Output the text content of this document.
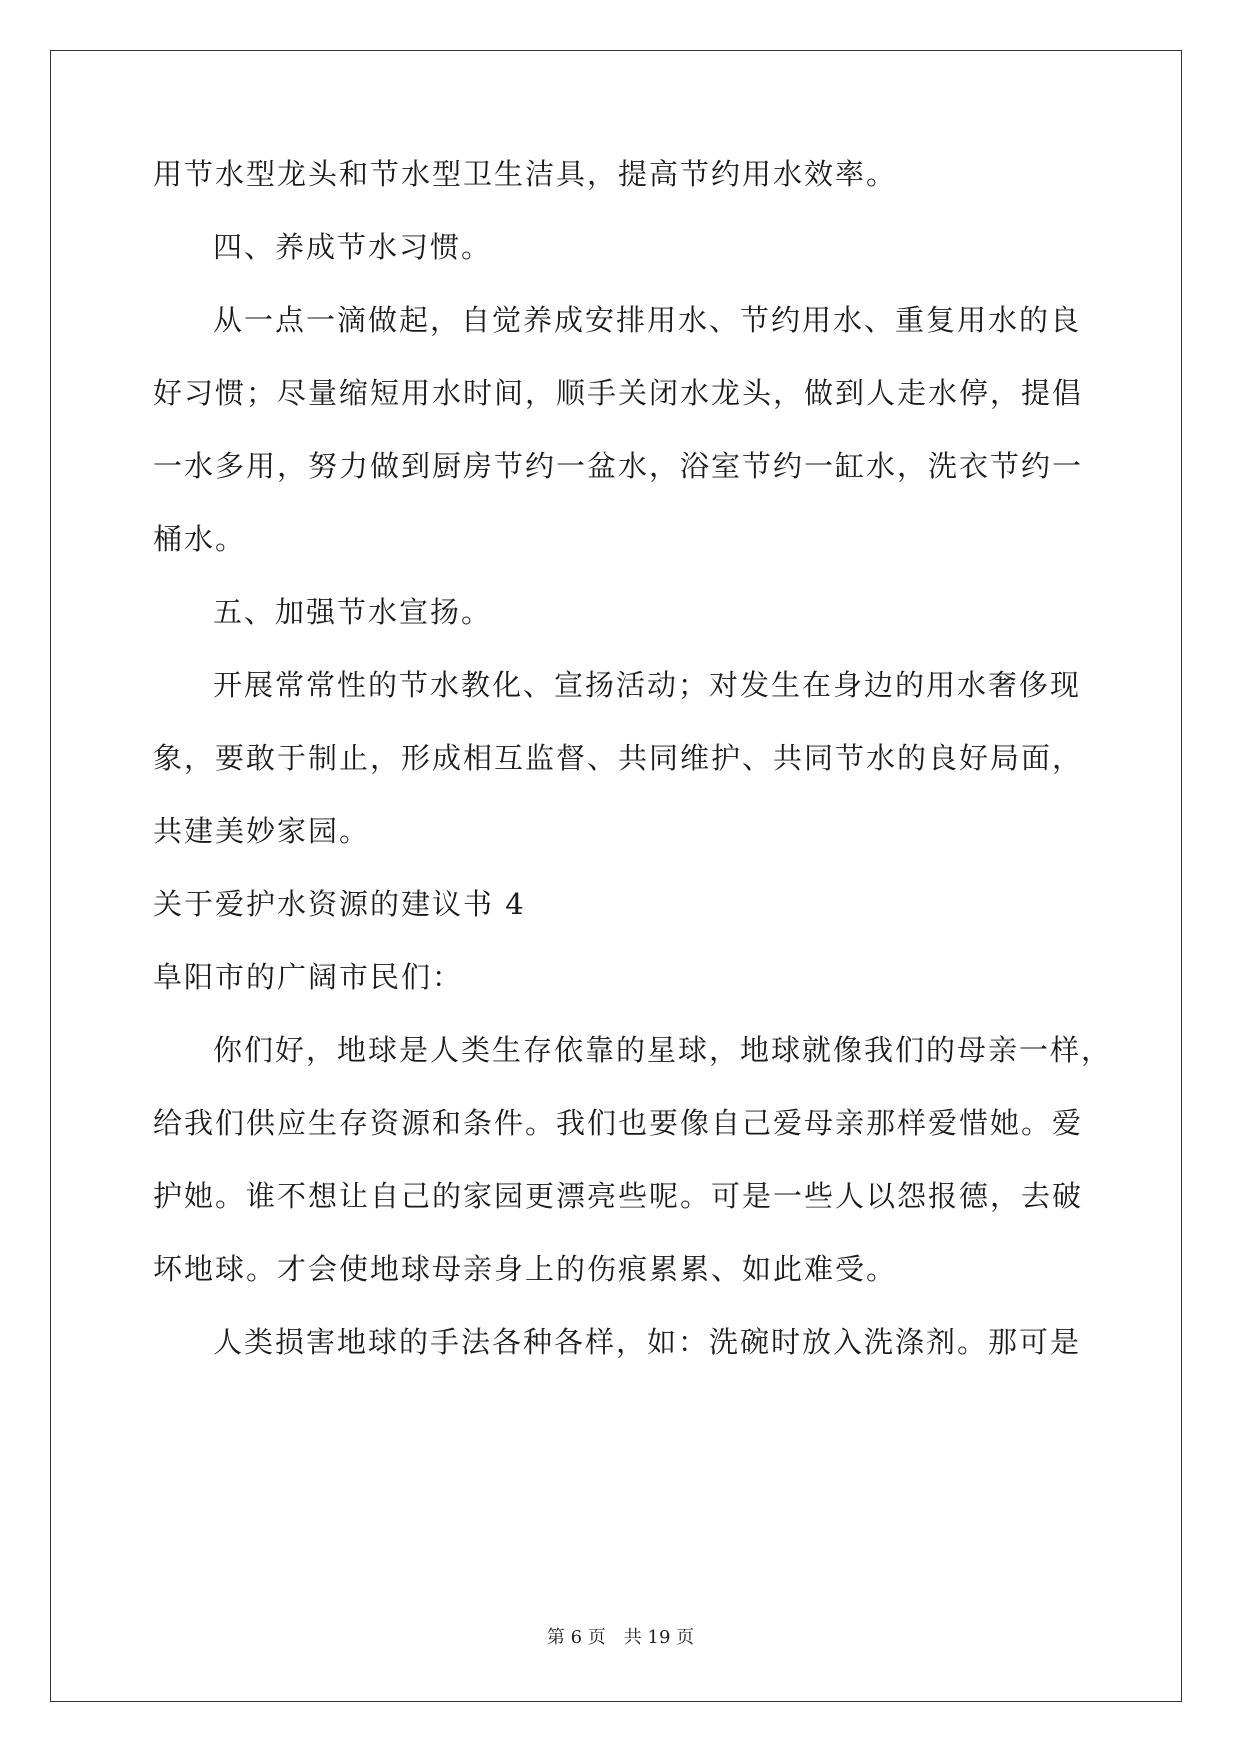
用节水型龙头和节水型卫生洁具，提高节约用水效率。
四、养成节水习惯。
从一点一滴做起，自觉养成安排用水、节约用水、重复用水的良
好习惯；尽量缩短用水时间，顺手关闭水龙头，做到人走水停，提倡
一水多用，努力做到厨房节约一盆水，浴室节约一缸水，洗衣节约一
桶水。
五、加强节水宣扬。
开展常常性的节水教化、宣扬活动；对发生在身边的用水奢侈现
象，要敢于制止，形成相互监督、共同维护、共同节水的良好局面，
共建美妙家园。
关于爱护水资源的建议书 4
阜阳市的广阔市民们：
你们好，地球是人类生存依靠的星球，地球就像我们的母亲一样，
给我们供应生存资源和条件。我们也要像自己爱母亲那样爱惜她。爱
护她。谁不想让自己的家园更漂亮些呢。可是一些人以怨报德，去破
坏地球。才会使地球母亲身上的伤痕累累、如此难受。
人类损害地球的手法各种各样，如：洗碗时放入洗涤剂。那可是
第 6 页　共 19 页
